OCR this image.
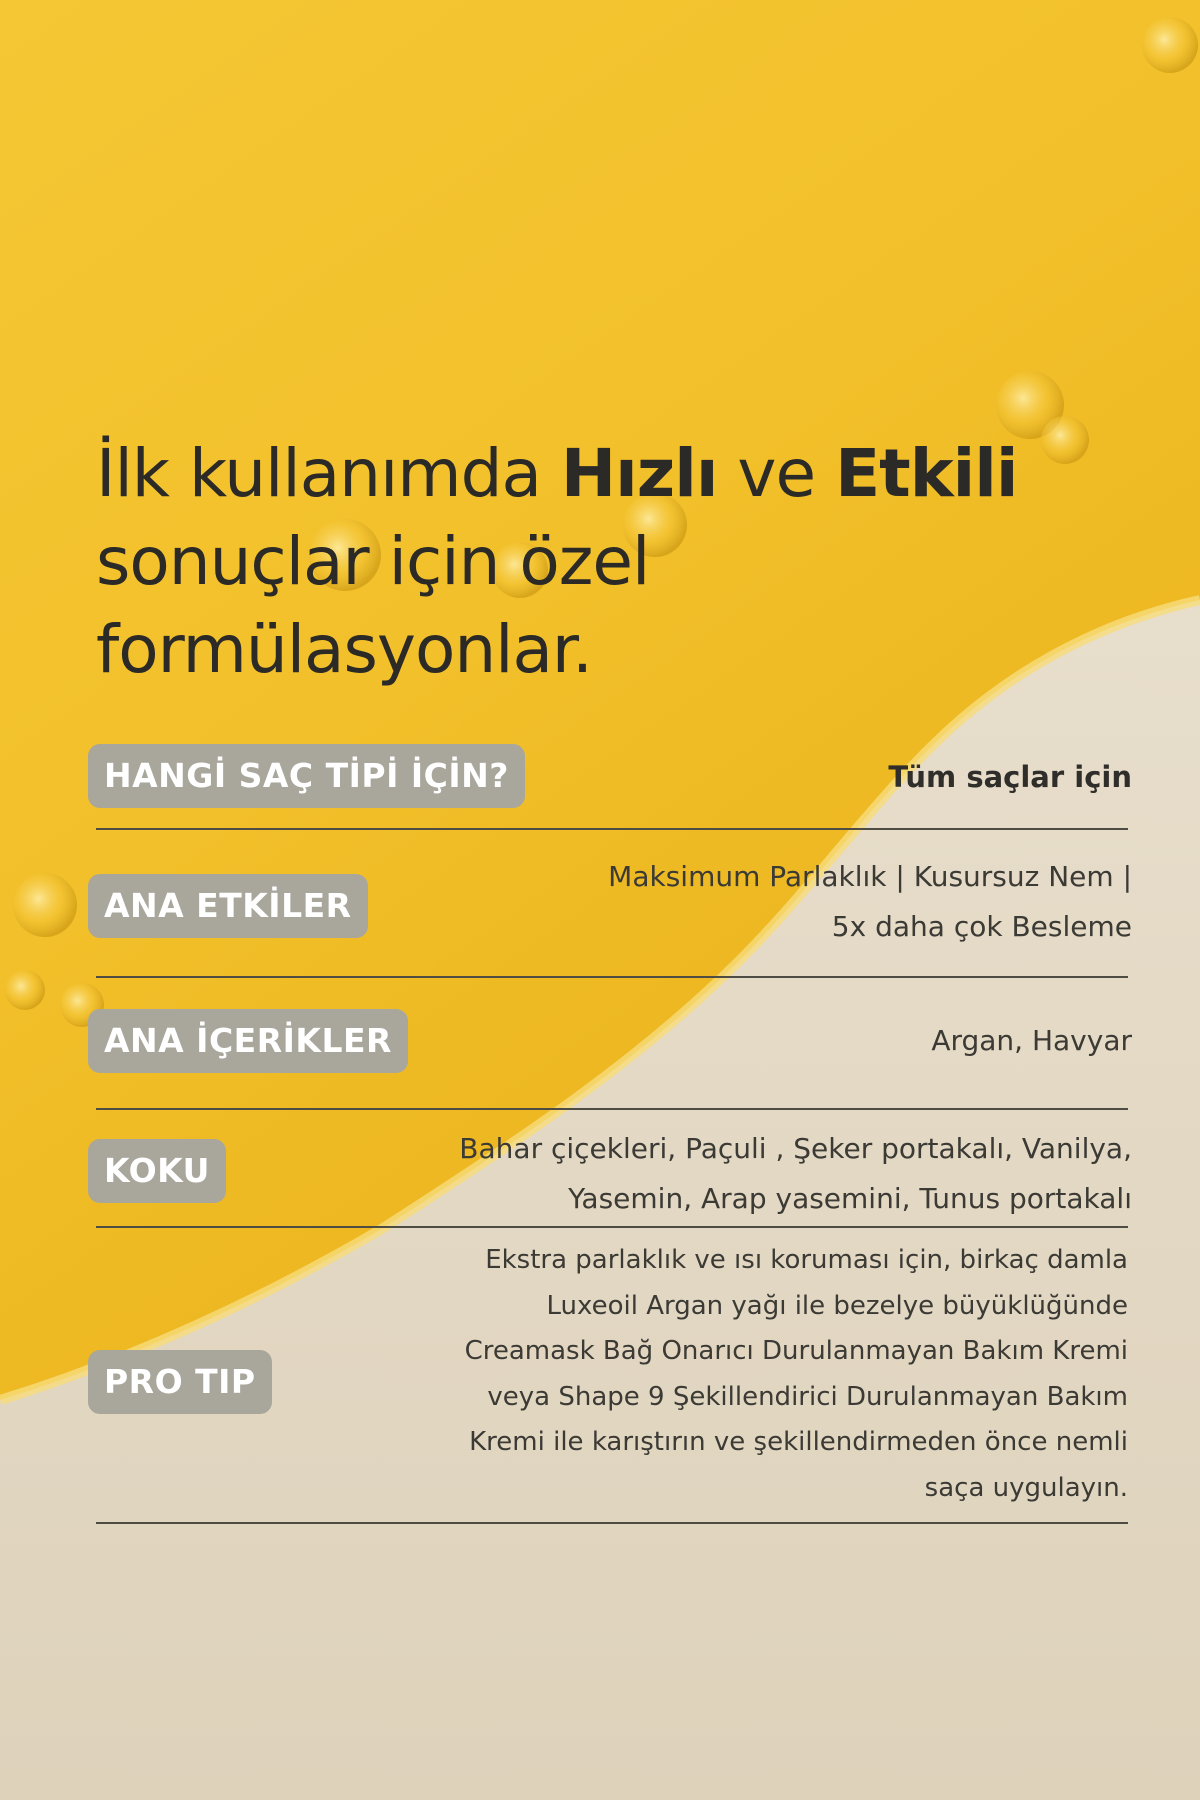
İlk kullanımda Hızlı ve Etkili
sonuçlar için özel formülasyonlar.
HANGİ SAÇ TİPİ İÇİN?	Tüm saçlar için
ANA ETKİLER
Maksimum Parlaklık | Kusursuz Nem |
5x daha çok Besleme
ANA İÇERİKLER	Argan, Havyar
KOKU
Bahar çiçekleri, Paçuli , Şeker portakalı, Vanilya,
Yasemin, Arap yasemini, Tunus portakalı
PRO TIP
Ekstra parlaklık ve ısı koruması için, birkaç damla
Luxeoil Argan yağı ile bezelye büyüklüğünde
Creamask Bağ Onarıcı Durulanmayan Bakım Kremi
veya Shape 9 Şekillendirici Durulanmayan Bakım
Kremi ile karıştırın ve şekillendirmeden önce nemli
saça uygulayın.
